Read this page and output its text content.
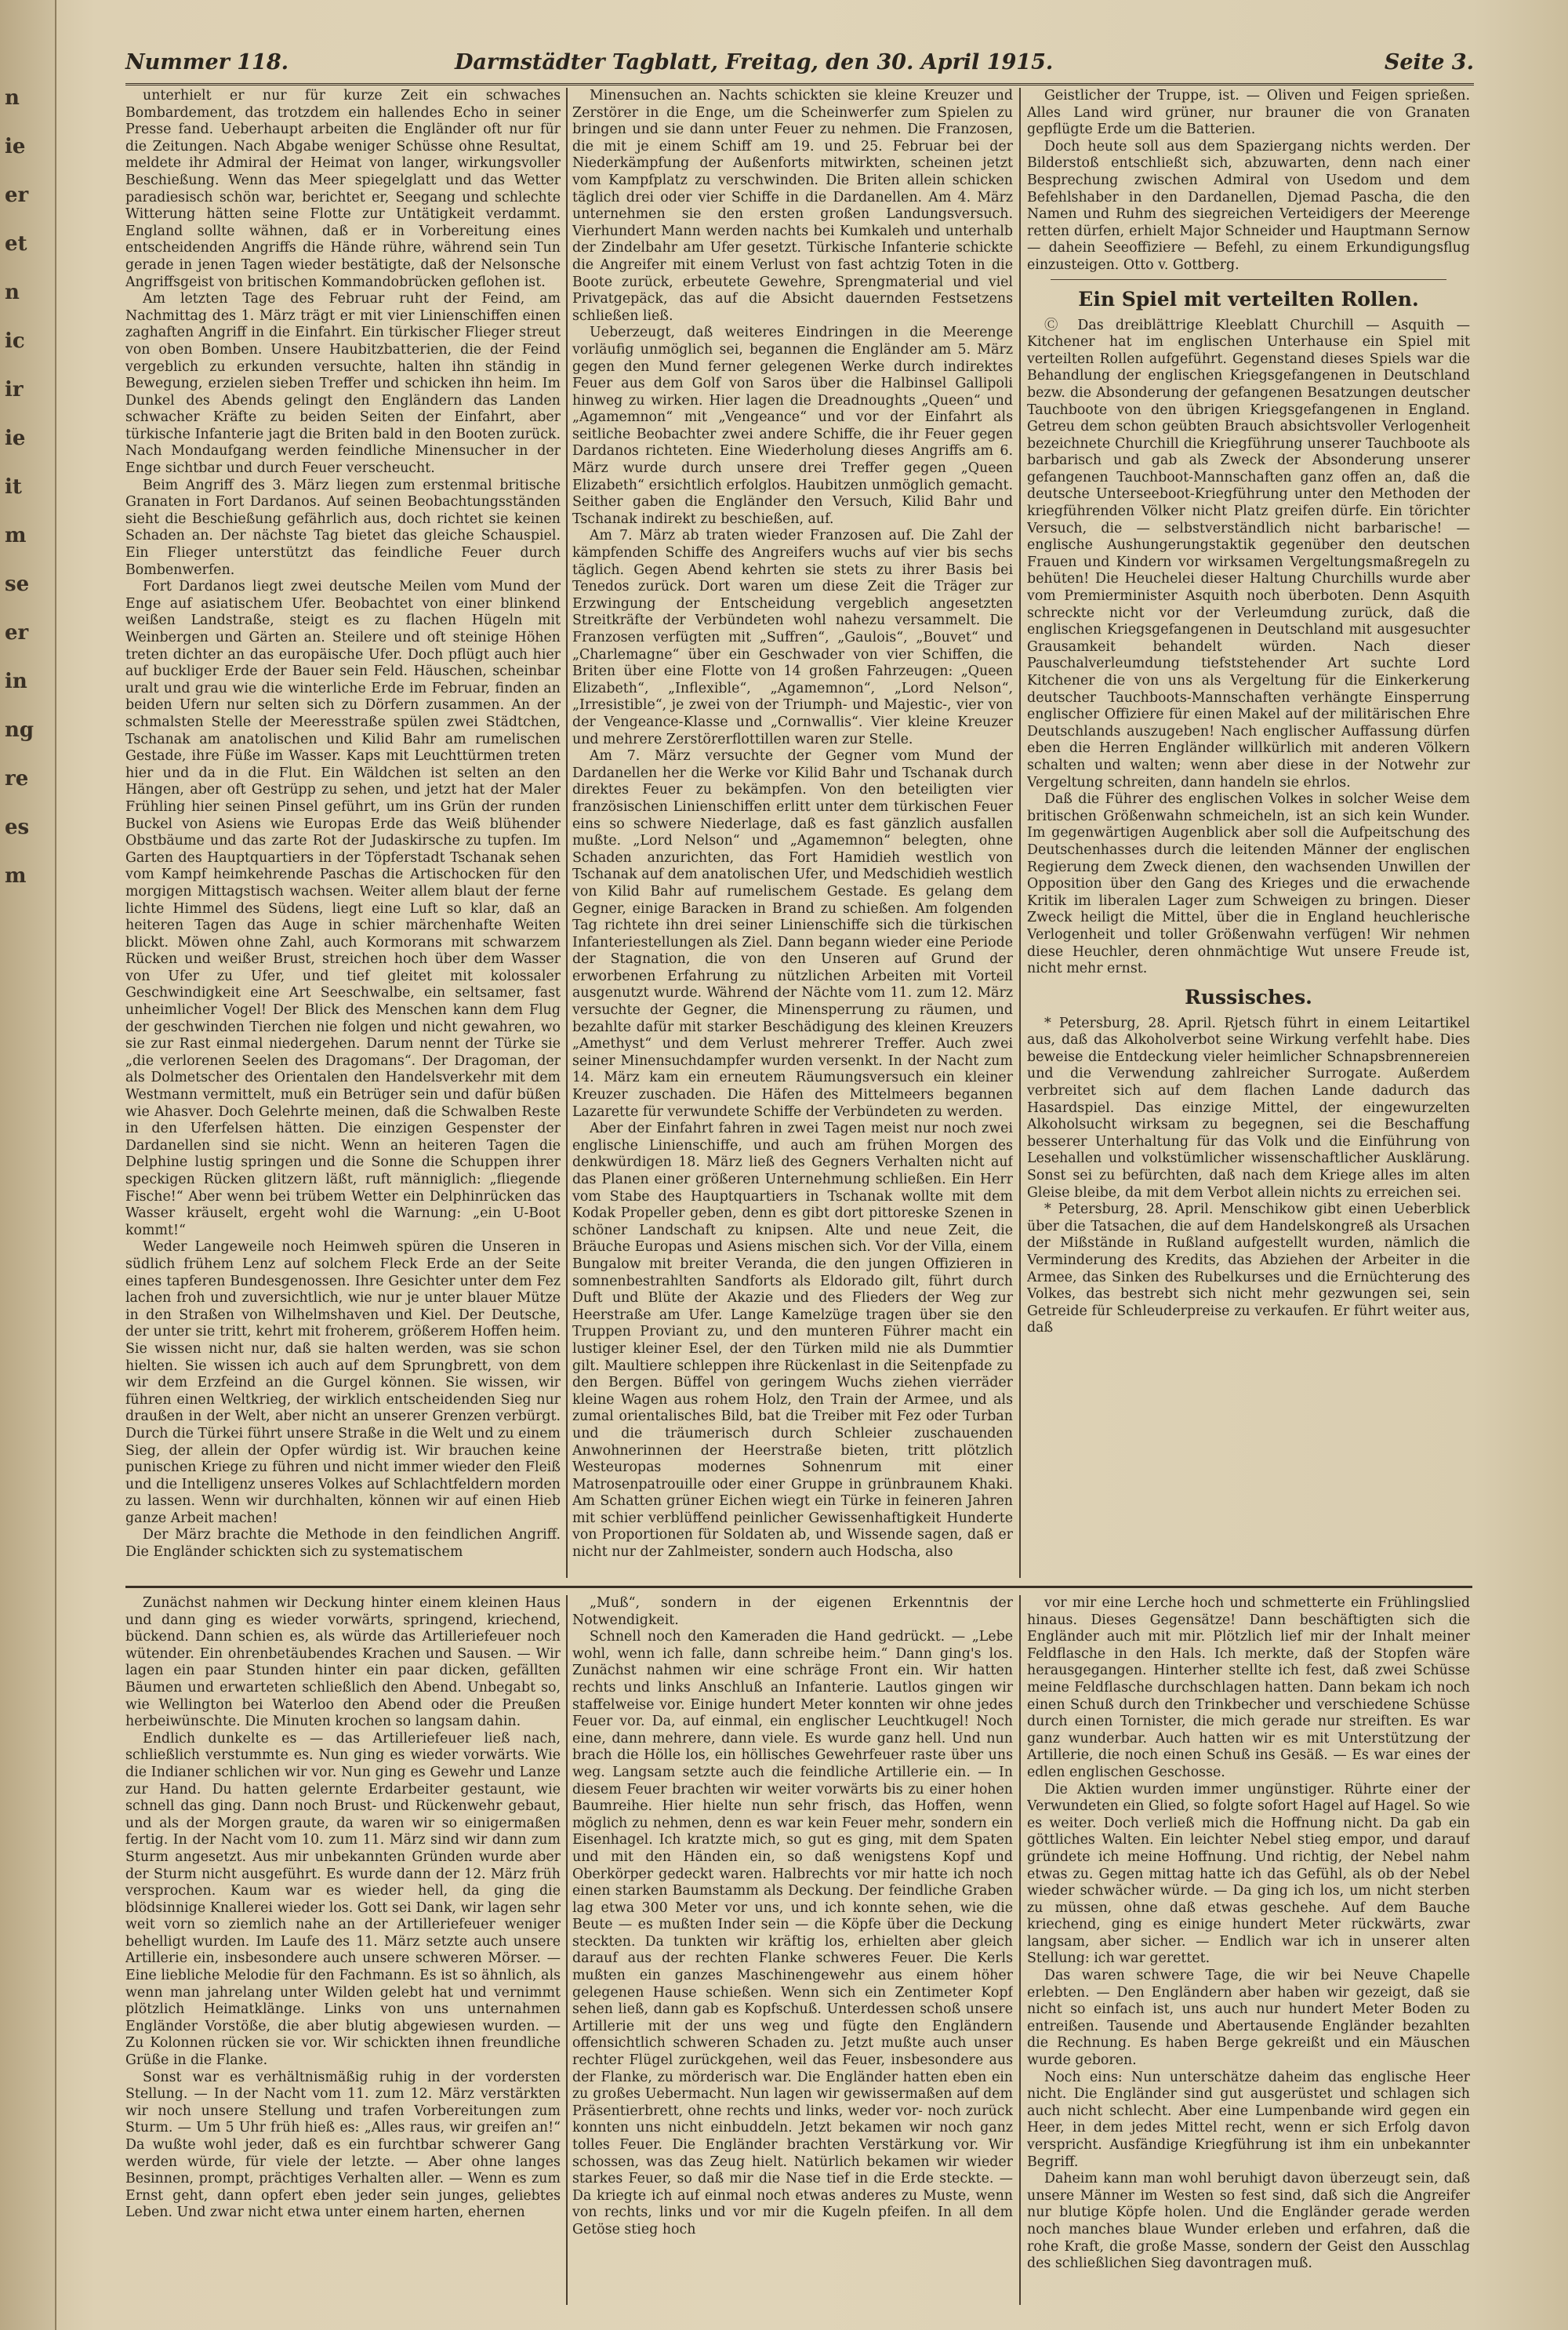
n
ie
er
et
n
ic
ir
ie
it
m
se
er
in
ng
re
es
m
Nummer 118.	Darmstädter Tagblatt, Freitag, den 30. April 1915.	Seite 3.

unterhielt er nur für kurze Zeit ein schwaches Bombardement, das trotzdem ein hallendes Echo in seiner Presse fand. Ueberhaupt arbeiten die Engländer oft nur für die Zeitungen. Nach Abgabe weniger Schüsse ohne Resultat, meldete ihr Admiral der Heimat von langer, wirkungsvoller Beschießung. Wenn das Meer spiegelglatt und das Wetter paradiesisch schön war, berichtet er, Seegang und schlechte Witterung hätten seine Flotte zur Untätigkeit verdammt. England sollte wähnen, daß er in Vorbereitung eines entscheidenden Angriffs die Hände rühre, während sein Tun gerade in jenen Tagen wieder bestätigte, daß der Nelsonsche Angriffsgeist von britischen Kommandobrücken geflohen ist.

Am letzten Tage des Februar ruht der Feind, am Nachmittag des 1. März trägt er mit vier Linienschiffen einen zaghaften Angriff in die Einfahrt. Ein türkischer Flieger streut von oben Bomben. Unsere Haubitzbatterien, die der Feind vergeblich zu erkunden versuchte, halten ihn ständig in Bewegung, erzielen sieben Treffer und schicken ihn heim. Im Dunkel des Abends gelingt den Engländern das Landen schwacher Kräfte zu beiden Seiten der Einfahrt, aber türkische Infanterie jagt die Briten bald in den Booten zurück. Nach Mondaufgang werden feindliche Minensucher in der Enge sichtbar und durch Feuer verscheucht.

Beim Angriff des 3. März liegen zum erstenmal britische Granaten in Fort Dardanos. Auf seinen Beobachtungsständen sieht die Beschießung gefährlich aus, doch richtet sie keinen Schaden an. Der nächste Tag bietet das gleiche Schauspiel. Ein Flieger unterstützt das feindliche Feuer durch Bombenwerfen.

Fort Dardanos liegt zwei deutsche Meilen vom Mund der Enge auf asiatischem Ufer. Beobachtet von einer blinkend weißen Landstraße, steigt es zu flachen Hügeln mit Weinbergen und Gärten an. Steilere und oft steinige Höhen treten dichter an das europäische Ufer. Doch pflügt auch hier auf buckliger Erde der Bauer sein Feld. Häuschen, scheinbar uralt und grau wie die winterliche Erde im Februar, finden an beiden Ufern nur selten sich zu Dörfern zusammen. An der schmalsten Stelle der Meeresstraße spülen zwei Städtchen, Tschanak am anatolischen und Kilid Bahr am rumelischen Gestade, ihre Füße im Wasser. Kaps mit Leuchttürmen treten hier und da in die Flut. Ein Wäldchen ist selten an den Hängen, aber oft Gestrüpp zu sehen, und jetzt hat der Maler Frühling hier seinen Pinsel geführt, um ins Grün der runden Buckel von Asiens wie Europas Erde das Weiß blühender Obstbäume und das zarte Rot der Judaskirsche zu tupfen. Im Garten des Hauptquartiers in der Töpferstadt Tschanak sehen vom Kampf heimkehrende Paschas die Artischocken für den morgigen Mittagstisch wachsen. Weiter allem blaut der ferne lichte Himmel des Südens, liegt eine Luft so klar, daß an heiteren Tagen das Auge in schier märchenhafte Weiten blickt. Möwen ohne Zahl, auch Kormorans mit schwarzem Rücken und weißer Brust, streichen hoch über dem Wasser von Ufer zu Ufer, und tief gleitet mit kolossaler Geschwindigkeit eine Art Seeschwalbe, ein seltsamer, fast unheimlicher Vogel! Der Blick des Menschen kann dem Flug der geschwinden Tierchen nie folgen und nicht gewahren, wo sie zur Rast einmal niedergehen. Darum nennt der Türke sie „die verlorenen Seelen des Dragomans“. Der Dragoman, der als Dolmetscher des Orientalen den Handelsverkehr mit dem Westmann vermittelt, muß ein Betrüger sein und dafür büßen wie Ahasver. Doch Gelehrte meinen, daß die Schwalben Reste in den Uferfelsen hätten. Die einzigen Gespenster der Dardanellen sind sie nicht. Wenn an heiteren Tagen die Delphine lustig springen und die Sonne die Schuppen ihrer speckigen Rücken glitzern läßt, ruft männiglich: „fliegende Fische!“ Aber wenn bei trübem Wetter ein Delphinrücken das Wasser kräuselt, ergeht wohl die Warnung: „ein U-Boot kommt!“

Weder Langeweile noch Heimweh spüren die Unseren in südlich frühem Lenz auf solchem Fleck Erde an der Seite eines tapferen Bundesgenossen. Ihre Gesichter unter dem Fez lachen froh und zuversichtlich, wie nur je unter blauer Mütze in den Straßen von Wilhelmshaven und Kiel. Der Deutsche, der unter sie tritt, kehrt mit froherem, größerem Hoffen heim. Sie wissen nicht nur, daß sie halten werden, was sie schon hielten. Sie wissen ich auch auf dem Sprungbrett, von dem wir dem Erzfeind an die Gurgel können. Sie wissen, wir führen einen Weltkrieg, der wirklich entscheidenden Sieg nur draußen in der Welt, aber nicht an unserer Grenzen verbürgt. Durch die Türkei führt unsere Straße in die Welt und zu einem Sieg, der allein der Opfer würdig ist. Wir brauchen keine punischen Kriege zu führen und nicht immer wieder den Fleiß und die Intelligenz unseres Volkes auf Schlachtfeldern morden zu lassen. Wenn wir durchhalten, können wir auf einen Hieb ganze Arbeit machen!

Der März brachte die Methode in den feindlichen Angriff. Die Engländer schickten sich zu systematischem

Minensuchen an. Nachts schickten sie kleine Kreuzer und Zerstörer in die Enge, um die Scheinwerfer zum Spielen zu bringen und sie dann unter Feuer zu nehmen. Die Franzosen, die mit je einem Schiff am 19. und 25. Februar bei der Niederkämpfung der Außenforts mitwirkten, scheinen jetzt vom Kampfplatz zu verschwinden. Die Briten allein schicken täglich drei oder vier Schiffe in die Dardanellen. Am 4. März unternehmen sie den ersten großen Landungsversuch. Vierhundert Mann werden nachts bei Kumkaleh und unterhalb der Zindelbahr am Ufer gesetzt. Türkische Infanterie schickte die Angreifer mit einem Verlust von fast achtzig Toten in die Boote zurück, erbeutete Gewehre, Sprengmaterial und viel Privatgepäck, das auf die Absicht dauernden Festsetzens schließen ließ.

Ueberzeugt, daß weiteres Eindringen in die Meerenge vorläufig unmöglich sei, begannen die Engländer am 5. März gegen den Mund ferner gelegenen Werke durch indirektes Feuer aus dem Golf von Saros über die Halbinsel Gallipoli hinweg zu wirken. Hier lagen die Dreadnoughts „Queen“ und „Agamemnon“ mit „Vengeance“ und vor der Einfahrt als seitliche Beobachter zwei andere Schiffe, die ihr Feuer gegen Dardanos richteten. Eine Wiederholung dieses Angriffs am 6. März wurde durch unsere drei Treffer gegen „Queen Elizabeth“ ersichtlich erfolglos. Haubitzen unmöglich gemacht. Seither gaben die Engländer den Versuch, Kilid Bahr und Tschanak indirekt zu beschießen, auf.

Am 7. März ab traten wieder Franzosen auf. Die Zahl der kämpfenden Schiffe des Angreifers wuchs auf vier bis sechs täglich. Gegen Abend kehrten sie stets zu ihrer Basis bei Tenedos zurück. Dort waren um diese Zeit die Träger zur Erzwingung der Entscheidung vergeblich angesetzten Streitkräfte der Verbündeten wohl nahezu versammelt. Die Franzosen verfügten mit „Suffren“, „Gaulois“, „Bouvet“ und „Charlemagne“ über ein Geschwader von vier Schiffen, die Briten über eine Flotte von 14 großen Fahrzeugen: „Queen Elizabeth“, „Inflexible“, „Agamemnon“, „Lord Nelson“, „Irresistible“, je zwei von der Triumph- und Majestic-, vier von der Vengeance-Klasse und „Cornwallis“. Vier kleine Kreuzer und mehrere Zerstörerflottillen waren zur Stelle.

Am 7. März versuchte der Gegner vom Mund der Dardanellen her die Werke vor Kilid Bahr und Tschanak durch direktes Feuer zu bekämpfen. Von den beteiligten vier französischen Linienschiffen erlitt unter dem türkischen Feuer eins so schwere Niederlage, daß es fast gänzlich ausfallen mußte. „Lord Nelson“ und „Agamemnon“ belegten, ohne Schaden anzurichten, das Fort Hamidieh westlich von Tschanak auf dem anatolischen Ufer, und Medschidieh westlich von Kilid Bahr auf rumelischem Gestade. Es gelang dem Gegner, einige Baracken in Brand zu schießen. Am folgenden Tag richtete ihn drei seiner Linienschiffe sich die türkischen Infanteriestellungen als Ziel. Dann begann wieder eine Periode der Stagnation, die von den Unseren auf Grund der erworbenen Erfahrung zu nützlichen Arbeiten mit Vorteil ausgenutzt wurde. Während der Nächte vom 11. zum 12. März versuchte der Gegner, die Minensperrung zu räumen, und bezahlte dafür mit starker Beschädigung des kleinen Kreuzers „Amethyst“ und dem Verlust mehrerer Treffer. Auch zwei seiner Minensuchdampfer wurden versenkt. In der Nacht zum 14. März kam ein erneutem Räumungsversuch ein kleiner Kreuzer zuschaden. Die Häfen des Mittelmeers begannen Lazarette für verwundete Schiffe der Verbündeten zu werden.

Aber der Einfahrt fahren in zwei Tagen meist nur noch zwei englische Linienschiffe, und auch am frühen Morgen des denkwürdigen 18. März ließ des Gegners Verhalten nicht auf das Planen einer größeren Unternehmung schließen. Ein Herr vom Stabe des Hauptquartiers in Tschanak wollte mit dem Kodak Propeller geben, denn es gibt dort pittoreske Szenen in schöner Landschaft zu knipsen. Alte und neue Zeit, die Bräuche Europas und Asiens mischen sich. Vor der Villa, einem Bungalow mit breiter Veranda, die den jungen Offizieren in somnenbestrahlten Sandforts als Eldorado gilt, führt durch Duft und Blüte der Akazie und des Flieders der Weg zur Heerstraße am Ufer. Lange Kamelzüge tragen über sie den Truppen Proviant zu, und den munteren Führer macht ein lustiger kleiner Esel, der den Türken mild nie als Dummtier gilt. Maultiere schleppen ihre Rückenlast in die Seitenpfade zu den Bergen. Büffel von geringem Wuchs ziehen vierräder kleine Wagen aus rohem Holz, den Train der Armee, und als zumal orientalisches Bild, bat die Treiber mit Fez oder Turban und die träumerisch durch Schleier zuschauenden Anwohnerinnen der Heerstraße bieten, tritt plötzlich Westeuropas modernes Sohnenrum mit einer Matrosenpatrouille oder einer Gruppe in grünbraunem Khaki. Am Schatten grüner Eichen wiegt ein Türke in feineren Jahren mit schier verblüffend peinlicher Gewissenhaftigkeit Hunderte von Proportionen für Soldaten ab, und Wissende sagen, daß er nicht nur der Zahlmeister, sondern auch Hodscha, also

Geistlicher der Truppe, ist. — Oliven und Feigen sprießen. Alles Land wird grüner, nur brauner die von Granaten gepflügte Erde um die Batterien.

Doch heute soll aus dem Spaziergang nichts werden. Der Bilderstoß entschließt sich, abzuwarten, denn nach einer Besprechung zwischen Admiral von Usedom und dem Befehlshaber in den Dardanellen, Djemad Pascha, die den Namen und Ruhm des siegreichen Verteidigers der Meerenge retten dürfen, erhielt Major Schneider und Hauptmann Sernow — dahein Seeoffiziere — Befehl, zu einem Erkundigungsflug einzusteigen. Otto v. Gottberg.

Ein Spiel mit verteilten Rollen.

Ⓒ Das dreiblättrige Kleeblatt Churchill — Asquith — Kitchener hat im englischen Unterhause ein Spiel mit verteilten Rollen aufgeführt. Gegenstand dieses Spiels war die Behandlung der englischen Kriegsgefangenen in Deutschland bezw. die Absonderung der gefangenen Besatzungen deutscher Tauchboote von den übrigen Kriegsgefangenen in England. Getreu dem schon geübten Brauch absichtsvoller Verlogenheit bezeichnete Churchill die Kriegführung unserer Tauchboote als barbarisch und gab als Zweck der Absonderung unserer gefangenen Tauchboot-Mannschaften ganz offen an, daß die deutsche Unterseeboot-Kriegführung unter den Methoden der kriegführenden Völker nicht Platz greifen dürfe. Ein törichter Versuch, die — selbstverständlich nicht barbarische! — englische Aushungerungstaktik gegenüber den deutschen Frauen und Kindern vor wirksamen Vergeltungsmaßregeln zu behüten! Die Heuchelei dieser Haltung Churchills wurde aber vom Premierminister Asquith noch überboten. Denn Asquith schreckte nicht vor der Verleumdung zurück, daß die englischen Kriegsgefangenen in Deutschland mit ausgesuchter Grausamkeit behandelt würden. Nach dieser Pauschalverleumdung tiefststehender Art suchte Lord Kitchener die von uns als Vergeltung für die Einkerkerung deutscher Tauchboots-Mannschaften verhängte Einsperrung englischer Offiziere für einen Makel auf der militärischen Ehre Deutschlands auszugeben! Nach englischer Auffassung dürfen eben die Herren Engländer willkürlich mit anderen Völkern schalten und walten; wenn aber diese in der Notwehr zur Vergeltung schreiten, dann handeln sie ehrlos.

Daß die Führer des englischen Volkes in solcher Weise dem britischen Größenwahn schmeicheln, ist an sich kein Wunder. Im gegenwärtigen Augenblick aber soll die Aufpeitschung des Deutschenhasses durch die leitenden Männer der englischen Regierung dem Zweck dienen, den wachsenden Unwillen der Opposition über den Gang des Krieges und die erwachende Kritik im liberalen Lager zum Schweigen zu bringen. Dieser Zweck heiligt die Mittel, über die in England heuchlerische Verlogenheit und toller Größenwahn verfügen! Wir nehmen diese Heuchler, deren ohnmächtige Wut unsere Freude ist, nicht mehr ernst.

Russisches.

* Petersburg, 28. April. Rjetsch führt in einem Leitartikel aus, daß das Alkoholverbot seine Wirkung verfehlt habe. Dies beweise die Entdeckung vieler heimlicher Schnapsbrennereien und die Verwendung zahlreicher Surrogate. Außerdem verbreitet sich auf dem flachen Lande dadurch das Hasardspiel. Das einzige Mittel, der eingewurzelten Alkoholsucht wirksam zu begegnen, sei die Beschaffung besserer Unterhaltung für das Volk und die Einführung von Lesehallen und volkstümlicher wissenschaftlicher Ausklärung. Sonst sei zu befürchten, daß nach dem Kriege alles im alten Gleise bleibe, da mit dem Verbot allein nichts zu erreichen sei.

* Petersburg, 28. April. Menschikow gibt einen Ueberblick über die Tatsachen, die auf dem Handelskongreß als Ursachen der Mißstände in Rußland aufgestellt wurden, nämlich die Verminderung des Kredits, das Abziehen der Arbeiter in die Armee, das Sinken des Rubelkurses und die Ernüchterung des Volkes, das bestrebt sich nicht mehr gezwungen sei, sein Getreide für Schleuderpreise zu verkaufen. Er führt weiter aus, daß

Zunächst nahmen wir Deckung hinter einem kleinen Haus und dann ging es wieder vorwärts, springend, kriechend, bückend. Dann schien es, als würde das Artilleriefeuer noch wütender. Ein ohrenbetäubendes Krachen und Sausen. — Wir lagen ein paar Stunden hinter ein paar dicken, gefällten Bäumen und erwarteten schließlich den Abend. Unbegabt so, wie Wellington bei Waterloo den Abend oder die Preußen herbeiwünschte. Die Minuten krochen so langsam dahin.

Endlich dunkelte es — das Artilleriefeuer ließ nach, schließlich verstummte es. Nun ging es wieder vorwärts. Wie die Indianer schlichen wir vor. Nun ging es Gewehr und Lanze zur Hand. Du hatten gelernte Erdarbeiter gestaunt, wie schnell das ging. Dann noch Brust- und Rückenwehr gebaut, und als der Morgen graute, da waren wir so einigermaßen fertig. In der Nacht vom 10. zum 11. März sind wir dann zum Sturm angesetzt. Aus mir unbekannten Gründen wurde aber der Sturm nicht ausgeführt. Es wurde dann der 12. März früh versprochen. Kaum war es wieder hell, da ging die blödsinnige Knallerei wieder los. Gott sei Dank, wir lagen sehr weit vorn so ziemlich nahe an der Artilleriefeuer weniger behelligt wurden. Im Laufe des 11. März setzte auch unsere Artillerie ein, insbesondere auch unsere schweren Mörser. — Eine liebliche Melodie für den Fachmann. Es ist so ähnlich, als wenn man jahrelang unter Wilden gelebt hat und vernimmt plötzlich Heimatklänge. Links von uns unternahmen Engländer Vorstöße, die aber blutig abgewiesen wurden. — Zu Kolonnen rücken sie vor. Wir schickten ihnen freundliche Grüße in die Flanke.

Sonst war es verhältnismäßig ruhig in der vordersten Stellung. — In der Nacht vom 11. zum 12. März verstärkten wir noch unsere Stellung und trafen Vorbereitungen zum Sturm. — Um 5 Uhr früh hieß es: „Alles raus, wir greifen an!“ Da wußte wohl jeder, daß es ein furchtbar schwerer Gang werden würde, für viele der letzte. — Aber ohne langes Besinnen, prompt, prächtiges Verhalten aller. — Wenn es zum Ernst geht, dann opfert eben jeder sein junges, geliebtes Leben. Und zwar nicht etwa unter einem harten, ehernen

„Muß“, sondern in der eigenen Erkenntnis der Notwendigkeit.

Schnell noch den Kameraden die Hand gedrückt. — „Lebe wohl, wenn ich falle, dann schreibe heim.“ Dann ging's los. Zunächst nahmen wir eine schräge Front ein. Wir hatten rechts und links Anschluß an Infanterie. Lautlos gingen wir staffelweise vor. Einige hundert Meter konnten wir ohne jedes Feuer vor. Da, auf einmal, ein englischer Leuchtkugel! Noch eine, dann mehrere, dann viele. Es wurde ganz hell. Und nun brach die Hölle los, ein höllisches Gewehrfeuer raste über uns weg. Langsam setzte auch die feindliche Artillerie ein. — In diesem Feuer brachten wir weiter vorwärts bis zu einer hohen Baumreihe. Hier hielte nun sehr frisch, das Hoffen, wenn möglich zu nehmen, denn es war kein Feuer mehr, sondern ein Eisenhagel. Ich kratzte mich, so gut es ging, mit dem Spaten und mit den Händen ein, so daß wenigstens Kopf und Oberkörper gedeckt waren. Halbrechts vor mir hatte ich noch einen starken Baumstamm als Deckung. Der feindliche Graben lag etwa 300 Meter vor uns, und ich konnte sehen, wie die Beute — es mußten Inder sein — die Köpfe über die Deckung steckten. Da tunkten wir kräftig los, erhielten aber gleich darauf aus der rechten Flanke schweres Feuer. Die Kerls mußten ein ganzes Maschinengewehr aus einem höher gelegenen Hause schießen. Wenn sich ein Zentimeter Kopf sehen ließ, dann gab es Kopfschuß. Unterdessen schoß unsere Artillerie mit der uns weg und fügte den Engländern offensichtlich schweren Schaden zu. Jetzt mußte auch unser rechter Flügel zurückgehen, weil das Feuer, insbesondere aus der Flanke, zu mörderisch war. Die Engländer hatten eben ein zu großes Uebermacht. Nun lagen wir gewissermaßen auf dem Präsentierbrett, ohne rechts und links, weder vor- noch zurück konnten uns nicht einbuddeln. Jetzt bekamen wir noch ganz tolles Feuer. Die Engländer brachten Verstärkung vor. Wir schossen, was das Zeug hielt. Natürlich bekamen wir wieder starkes Feuer, so daß mir die Nase tief in die Erde steckte. — Da kriegte ich auf einmal noch etwas anderes zu Muste, wenn von rechts, links und vor mir die Kugeln pfeifen. In all dem Getöse stieg hoch

vor mir eine Lerche hoch und schmetterte ein Frühlingslied hinaus. Dieses Gegensätze! Dann beschäftigten sich die Engländer auch mit mir. Plötzlich lief mir der Inhalt meiner Feldflasche in den Hals. Ich merkte, daß der Stopfen wäre herausgegangen. Hinterher stellte ich fest, daß zwei Schüsse meine Feldflasche durchschlagen hatten. Dann bekam ich noch einen Schuß durch den Trinkbecher und verschiedene Schüsse durch einen Tornister, die mich gerade nur streiften. Es war ganz wunderbar. Auch hatten wir es mit Unterstützung der Artillerie, die noch einen Schuß ins Gesäß. — Es war eines der edlen englischen Geschosse.

Die Aktien wurden immer ungünstiger. Rührte einer der Verwundeten ein Glied, so folgte sofort Hagel auf Hagel. So wie es weiter. Doch verließ mich die Hoffnung nicht. Da gab ein göttliches Walten. Ein leichter Nebel stieg empor, und darauf gründete ich meine Hoffnung. Und richtig, der Nebel nahm etwas zu. Gegen mittag hatte ich das Gefühl, als ob der Nebel wieder schwächer würde. — Da ging ich los, um nicht sterben zu müssen, ohne daß etwas geschehe. Auf dem Bauche kriechend, ging es einige hundert Meter rückwärts, zwar langsam, aber sicher. — Endlich war ich in unserer alten Stellung: ich war gerettet.

Das waren schwere Tage, die wir bei Neuve Chapelle erlebten. — Den Engländern aber haben wir gezeigt, daß sie nicht so einfach ist, uns auch nur hundert Meter Boden zu entreißen. Tausende und Abertausende Engländer bezahlten die Rechnung. Es haben Berge gekreißt und ein Mäuschen wurde geboren.

Noch eins: Nun unterschätze daheim das englische Heer nicht. Die Engländer sind gut ausgerüstet und schlagen sich auch nicht schlecht. Aber eine Lumpenbande wird gegen ein Heer, in dem jedes Mittel recht, wenn er sich Erfolg davon verspricht. Ausfändige Kriegführung ist ihm ein unbekannter Begriff.

Daheim kann man wohl beruhigt davon überzeugt sein, daß unsere Männer im Westen so fest sind, daß sich die Angreifer nur blutige Köpfe holen. Und die Engländer gerade werden noch manches blaue Wunder erleben und erfahren, daß die rohe Kraft, die große Masse, sondern der Geist den Ausschlag des schließlichen Sieg davontragen muß.
